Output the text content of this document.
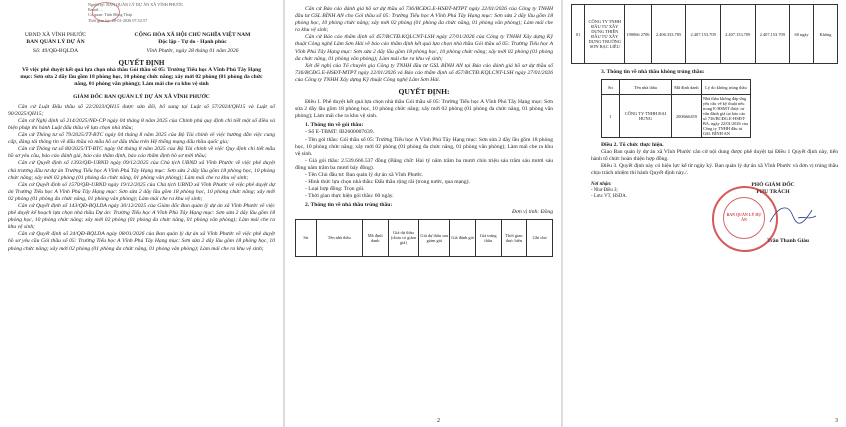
Người ký: BAN QUẢN LÝ DỰ ÁN XÃ VĨNH PHƯỚC
Email: ...
Cơ quan: Tỉnh Đồng Tháp
Thời gian ký: 28-01-2026 07:52:57
UBND XÃ VĨNH PHƯỚC
BAN QUẢN LÝ DỰ ÁN
Số: 49/QĐ-BQLDA
CỘNG HÒA XÃ HỘI CHỦ NGHĨA VIỆT NAM
Độc lập - Tự do - Hạnh phúc
Vĩnh Phước, ngày 28 tháng 01 năm 2026
QUYẾT ĐỊNH
Về việc phê duyệt kết quả lựa chọn nhà thầu Gói thầu số 05: Trường Tiểu học A Vĩnh Phú Tây Hạng mục: Sơn sửa 2 dãy lầu gồm 18 phòng học, 10 phòng chức năng; xây mới 02 phòng (01 phòng đa chức năng, 01 phòng văn phòng); Làm mái che ra khu vệ sinh
GIÁM ĐỐC BAN QUẢN LÝ DỰ ÁN XÃ VĨNH PHƯỚC
Căn cứ Luật Đấu thầu số 22/2023/QH15 được sửa đổi, bổ sung tại Luật số 57/2024/QH15 và Luật số 90/2025/QH15;
Căn cứ Nghị định số 214/2025/NĐ-CP ngày 04 tháng 8 năm 2025 của Chính phủ quy định chi tiết một số điều và biện pháp thi hành Luật đấu thầu về lựa chọn nhà thầu;
Căn cứ Thông tư số 79/2025/TT-BTC ngày 04 tháng 8 năm 2025 của Bộ Tài chính về việc hướng dẫn việc cung cấp, đăng tải thông tin về đấu thầu và mẫu hồ sơ đấu thầu trên Hệ thống mạng đấu thầu quốc gia;
Căn cứ Thông tư số 80/2025/TT-BTC ngày 04 tháng 8 năm 2025 của Bộ Tài chính về việc Quy định chi tiết mẫu hồ sơ yêu cầu, báo cáo đánh giá, báo cáo thẩm định, báo cáo thẩm định hồ sơ mời thầu;
Căn cứ Quyết định số 1393/QĐ-UBND ngày 09/12/2025 của Chủ tịch UBND xã Vĩnh Phước về việc phê duyệt chủ trương đầu tư dự án Trường Tiểu học A Vĩnh Phú Tây Hạng mục: Sơn sửa 2 dãy lầu gồm 18 phòng học, 10 phòng chức năng; xây mới 02 phòng (01 phòng đa chức năng, 01 phòng văn phòng); Làm mái che ra khu vệ sinh;
Căn cứ Quyết định số 1570/QĐ-UBND ngày 19/12/2025 của Chủ tịch UBND xã Vĩnh Phước về việc phê duyệt dự án Trường Tiểu học A Vĩnh Phú Tây Hạng mục: Sơn sửa 2 dãy lầu gồm 18 phòng học, 10 phòng chức năng; xây mới 02 phòng (01 phòng đa chức năng, 01 phòng văn phòng); Làm mái che ra khu vệ sinh;
Căn cứ Quyết định số 143/QĐ-BQLDA ngày 30/12/2025 của Giám đốc Ban quản lý dự án xã Vĩnh Phước về việc phê duyệt kế hoạch lựa chọn nhà thầu Dự án: Trường Tiểu học A Vĩnh Phú Tây Hạng mục: Sơn sửa 2 dãy lầu gồm 18 phòng học, 10 phòng chức năng; xây mới 02 phòng (01 phòng đa chức năng, 01 phòng văn phòng); Làm mái che ra khu vệ sinh;
Căn cứ Quyết định số 24/QĐ-BQLDA ngày 08/01/2026 của Ban quản lý dự án xã Vĩnh Phước về việc phê duyệt hồ sơ yêu cầu Gói thầu số 05: Trường Tiểu học A Vĩnh Phú Tây Hạng mục: Sơn sửa 2 dãy lầu gồm 18 phòng học, 10 phòng chức năng; xây mới 02 phòng (01 phòng đa chức năng, 01 phòng văn phòng); Làm mái che ra khu vệ sinh;
Căn cứ Báo cáo đánh giá hồ sơ dự thầu số 736/BCĐG.E-HSĐT-MTPT ngày 22/01/2026 của Công ty TNHH đầu tư GSL BÌNH AN cho Gói thầu số 05: Trường Tiểu học A Vĩnh Phú Tây Hạng mục: Sơn sửa 2 dãy lầu gồm 18 phòng học, 10 phòng chức năng; xây mới 02 phòng (01 phòng đa chức năng, 01 phòng văn phòng); Làm mái che ra khu vệ sinh;
Căn cứ Báo cáo thẩm định số 457/BCTĐ.KQLCNT-LSH ngày 27/01/2026 của Công ty TNHH Xây dựng Kỹ thuật Công nghệ Lâm Sơn Hải về báo cáo thẩm định kết quả lựa chọn nhà thầu Gói thầu số 05: Trường Tiểu học A Vĩnh Phú Tây Hạng mục: Sơn sửa 2 dãy lầu gồm 18 phòng học, 10 phòng chức năng; xây mới 02 phòng (01 phòng đa chức năng, 01 phòng văn phòng); Làm mái che ra khu vệ sinh;
Xét đề nghị của Tổ chuyên gia Công ty TNHH đầu tư GSL BÌNH AN tại Báo cáo đánh giá hồ sơ dự thầu số 736/BCĐG.E-HSĐT-MTPT ngày 22/01/2026 và Báo cáo thẩm định số 457/BCTĐ.KQLCNT-LSH ngày 27/01/2026 của Công ty TNHH Xây dựng Kỹ thuật Công nghệ Lâm Sơn Hải.
QUYẾT ĐỊNH:
Điều 1. Phê duyệt kết quả lựa chọn nhà thầu Gói thầu số 05: Trường Tiểu học A Vĩnh Phú Tây Hạng mục: Sơn sửa 2 dãy lầu gồm 18 phòng học, 10 phòng chức năng; xây mới 02 phòng (01 phòng đa chức năng, 01 phòng văn phòng); Làm mái che ra khu vệ sinh.
1. Thông tin về gói thầu:
- Số E-TBMT: IB2600007639.
- Tên gói thầu: Gói thầu số 05: Trường Tiểu học A Vĩnh Phú Tây Hạng mục: Sơn sửa 2 dãy lầu gồm 18 phòng học, 10 phòng chức năng; xây mới 02 phòng (01 phòng đa chức năng, 01 phòng văn phòng); Làm mái che ra khu vệ sinh.
- Giá gói thầu: 2.539.666.537 đồng (Bằng chữ: Hai tỷ năm trăm ba mươi chín triệu sáu trăm sáu mươi sáu đồng năm trăm ba mươi bảy đồng).
- Tên Chủ đầu tư: Ban quản lý dự án xã Vĩnh Phước.
- Hình thức lựa chọn nhà thầu: Đấu thầu rộng rãi (trong nước, qua mạng).
- Loại hợp đồng: Trọn gói.
- Thời gian thực hiện gói thầu: 60 ngày.
2. Thông tin về nhà thầu trúng thầu:
Đơn vị tính: Đồng
Stt	Tên nhà thầu	Mã định danh	Giá dự thầu (chưa có giảm giá)	Giá dự thầu sau giảm giá	Giá đánh giá	Giá trúng thầu	Thời gian thực hiện	Ghi chú
2
01	CÔNG TY TNHH ĐẦU TƯ XÂY DỰNG THIÊN ĐẦU TƯ XÂY DỰNG TRƯỜNG SƠN BẠC LIÊU	190066 2706	2.406.333.785	2.407.153.709	2.407.153.709	2.407.153.709	60 ngày	Không
3. Thông tin về nhà thầu không trúng thầu:
Stt	Tên nhà thầu	Mã định danh	Lý do không trúng thầu
1	CÔNG TY TNHH ĐẠI HƯNG	2008t66459	Nhà thầu không đáp ứng yêu cầu về kỹ thuật nêu trong E-HSMT được tư vấn đánh giá tại báo cáo số 736/BCĐG.E-HSĐT-BA, ngày 22/01/2026 của Công ty TNHH đầu tư GSL BÌNH AN
Điều 2. Tổ chức thực hiện.
Giao Ban quản lý dự án xã Vĩnh Phước căn cứ nội dung được phê duyệt tại Điều 1 Quyết định này, tiến hành tổ chức hoàn thiện hợp đồng.
Điều 3. Quyết định này có hiệu lực kể từ ngày ký. Ban quản lý dự án xã Vĩnh Phước và đơn vị trúng thầu chịu trách nhiệm thi hành Quyết định này./.
Nơi nhận:
- Như Điều 3;
- Lưu: VT, HSDA.
PHÓ GIÁM ĐỐC
PHỤ TRÁCH
BAN QUẢN LÝ DỰ ÁN
Trần Thanh Giàu
3
